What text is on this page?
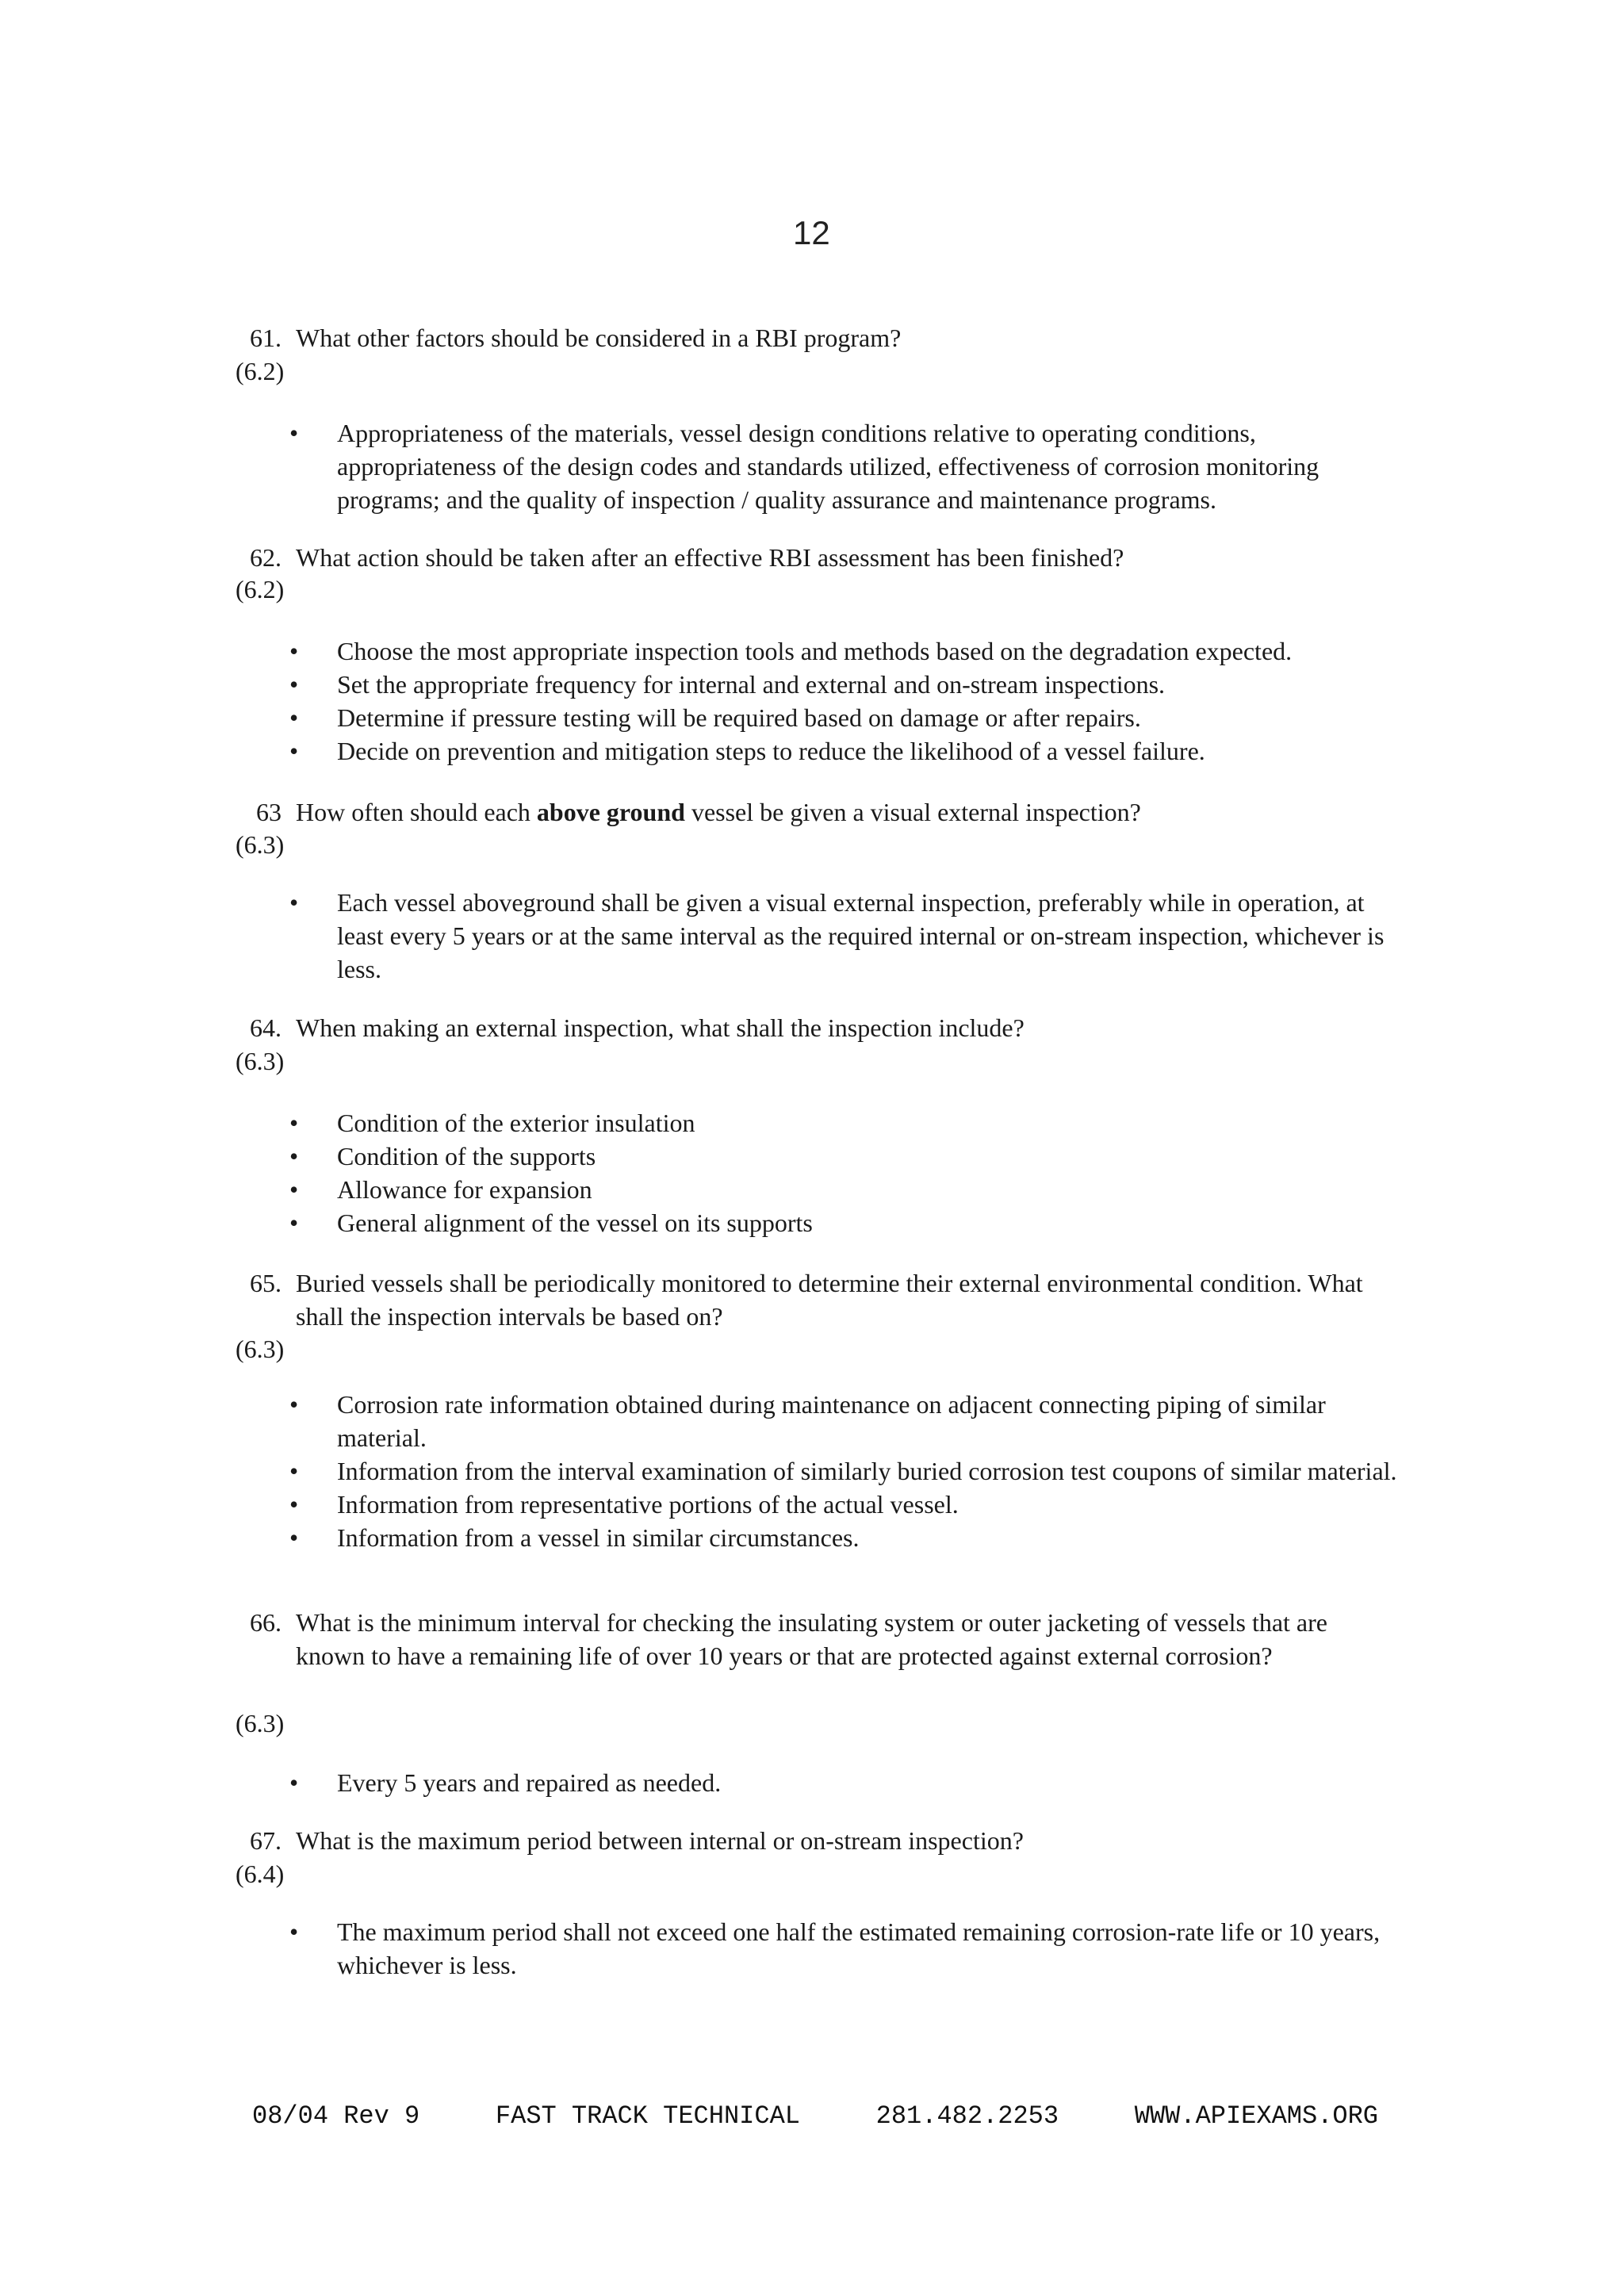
12
61. What other factors should be considered in a RBI program?
(6.2)
• Appropriateness of the materials, vessel design conditions relative to operating conditions, appropriateness of the design codes and standards utilized, effectiveness of corrosion monitoring programs; and the quality of inspection / quality assurance and maintenance programs.
62. What action should be taken after an effective RBI assessment has been finished?
(6.2)
• Choose the most appropriate inspection tools and methods based on the degradation expected.
• Set the appropriate frequency for internal and external and on-stream inspections.
• Determine if pressure testing will be required based on damage or after repairs.
• Decide on prevention and mitigation steps to reduce the likelihood of a vessel failure.
63 How often should each above ground vessel be given a visual external inspection?
(6.3)
• Each vessel aboveground shall be given a visual external inspection, preferably while in operation, at least every 5 years or at the same interval as the required internal or on-stream inspection, whichever is less.
64. When making an external inspection, what shall the inspection include?
(6.3)
• Condition of the exterior insulation
• Condition of the supports
• Allowance for expansion
• General alignment of the vessel on its supports
65. Buried vessels shall be periodically monitored to determine their external environmental condition. What shall the inspection intervals be based on?
(6.3)
• Corrosion rate information obtained during maintenance on adjacent connecting piping of similar material.
• Information from the interval examination of similarly buried corrosion test coupons of similar material.
• Information from representative portions of the actual vessel.
• Information from a vessel in similar circumstances.
66. What is the minimum interval for checking the insulating system or outer jacketing of vessels that are known to have a remaining life of over 10 years or that are protected against external corrosion?
(6.3)
• Every 5 years and repaired as needed.
67. What is the maximum period between internal or on-stream inspection?
(6.4)
• The maximum period shall not exceed one half the estimated remaining corrosion-rate life or 10 years, whichever is less.
08/04 Rev 9	FAST TRACK TECHNICAL	281.482.2253	WWW.APIEXAMS.ORG
